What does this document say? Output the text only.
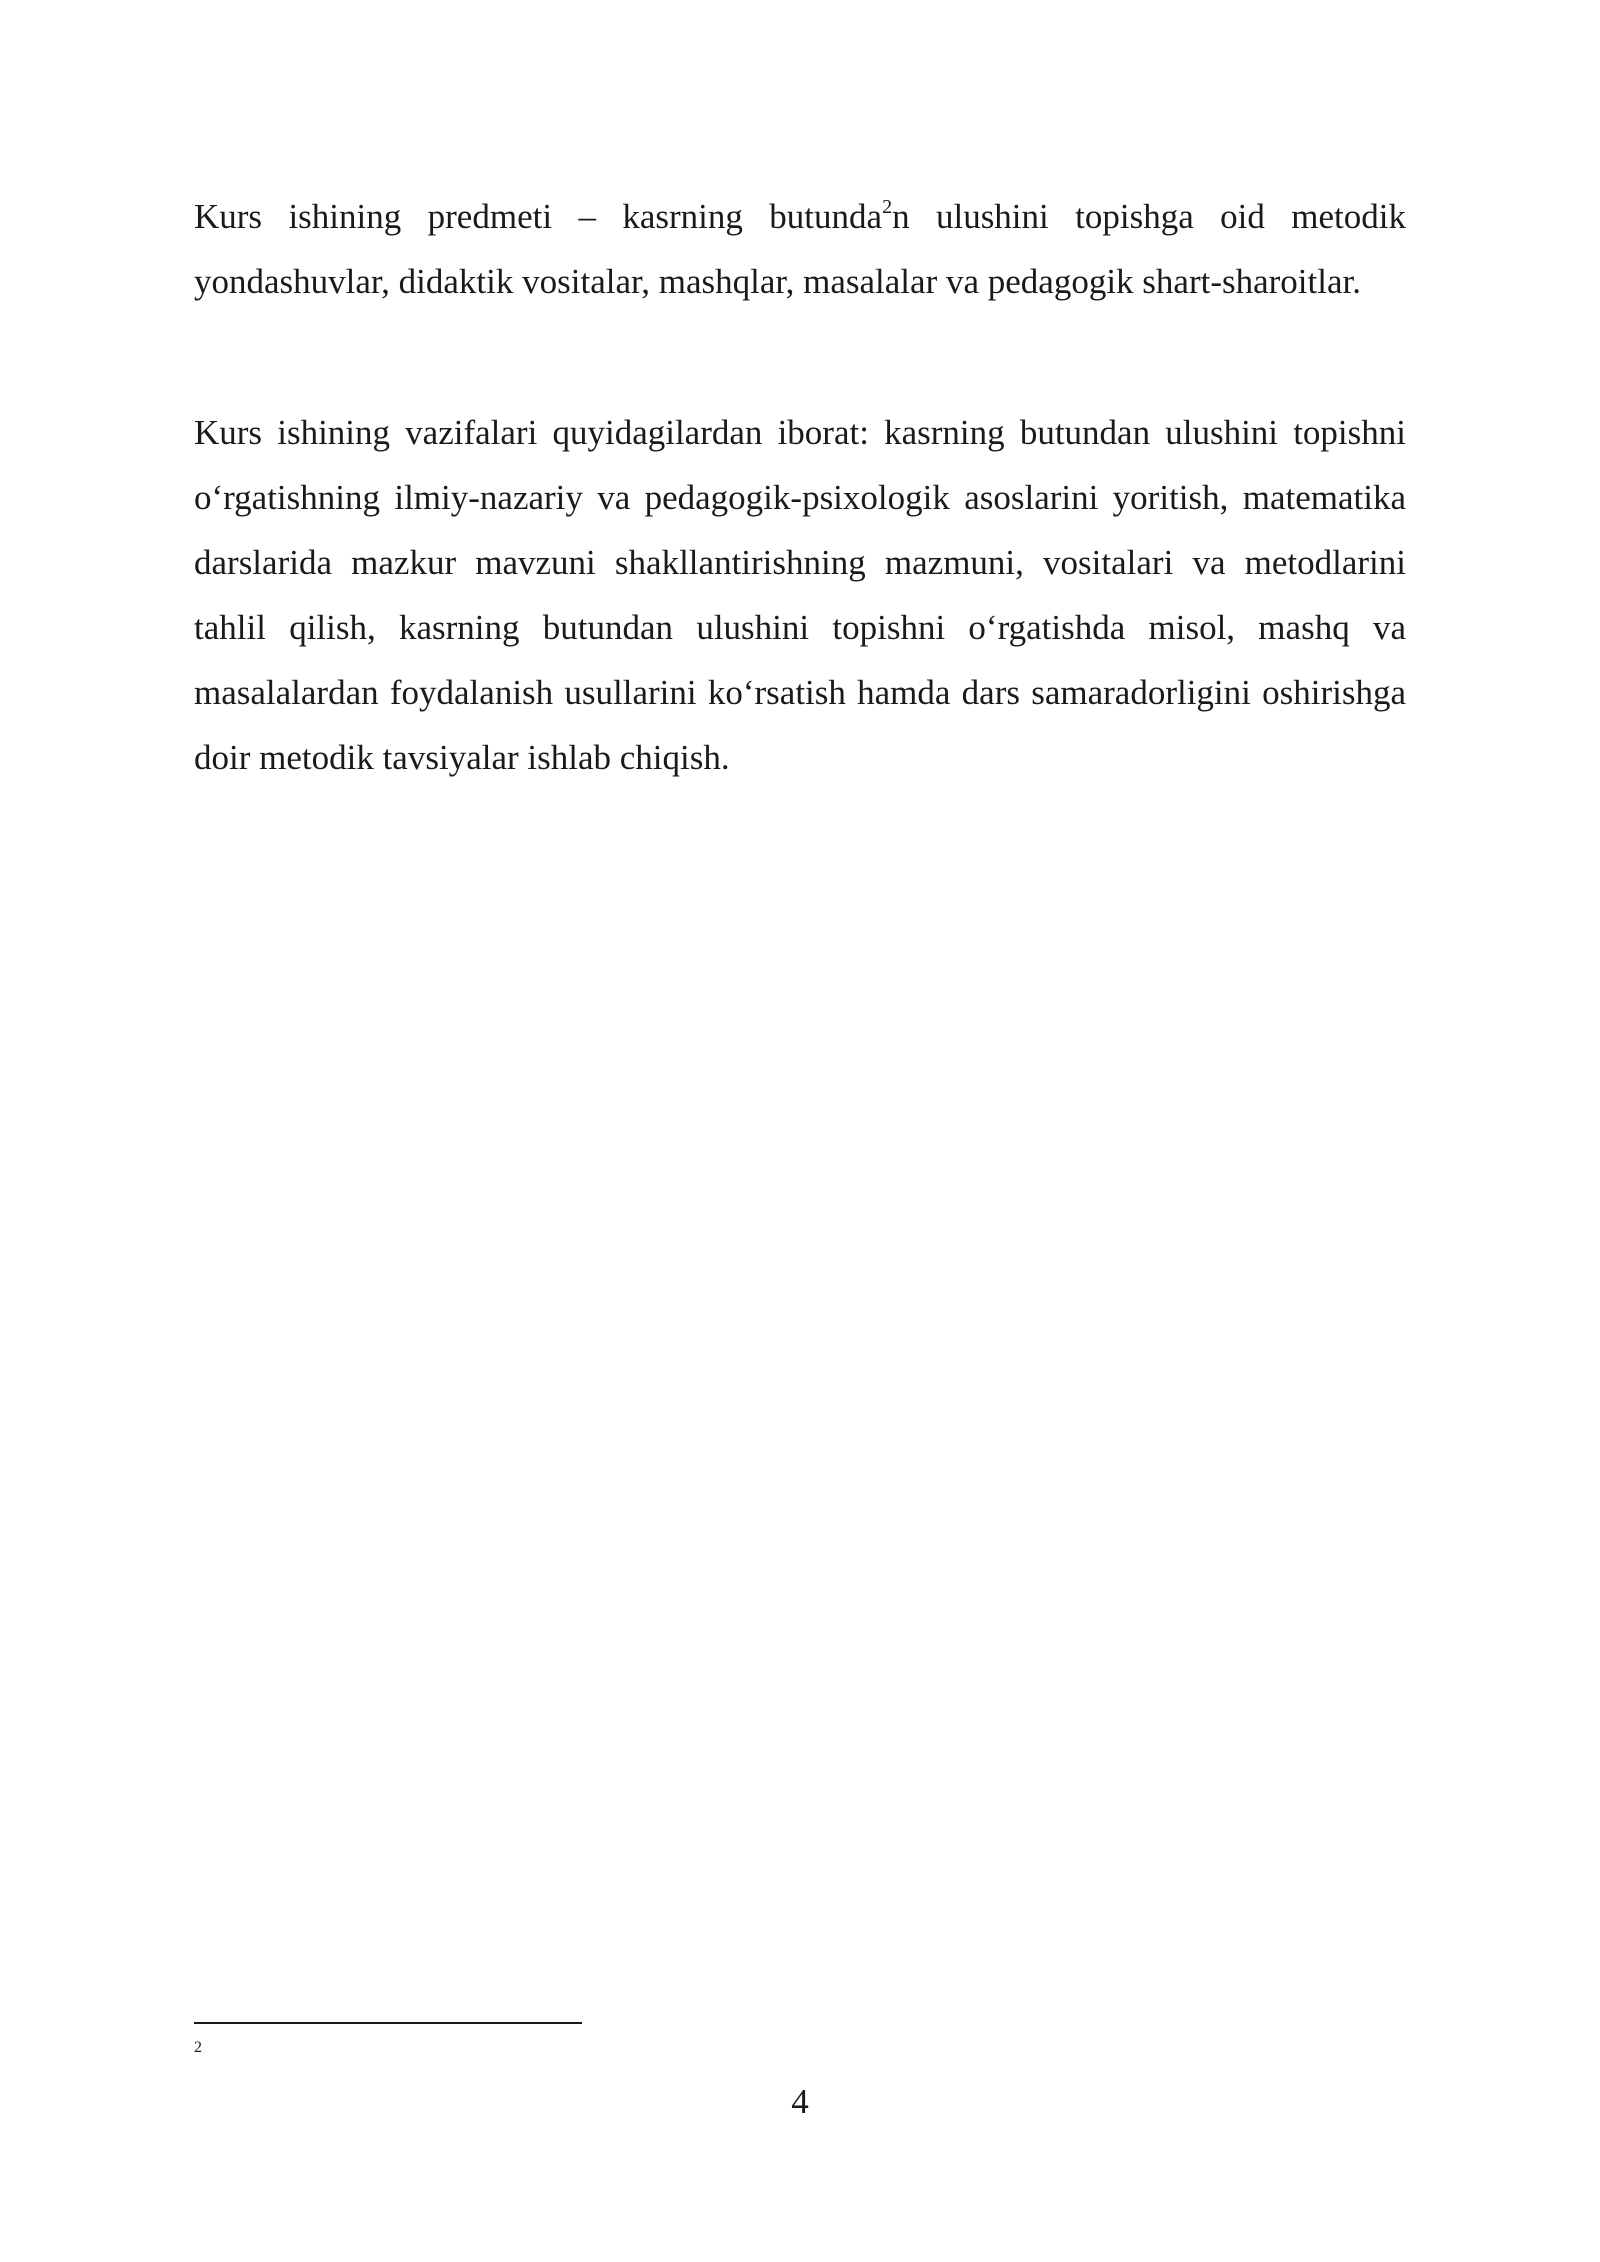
Kurs ishining predmeti – kasrning butunda$^2$n ulushini topishga oid metodik yondashuvlar, didaktik vositalar, mashqlar, masalalar va pedagogik shart-sharoitlar.

Kurs ishining vazifalari quyidagilardan iborat: kasrning butundan ulushini topishni o‘rgatishning ilmiy-nazariy va pedagogik-psixologik asoslarini yoritish, matematika darslarida mazkur mavzuni shakllantirishning mazmuni, vositalari va metodlarini tahlil qilish, kasrning butundan ulushini topishni o‘rgatishda misol, mashq va masalalardan foydalanish usullarini ko‘rsatish hamda dars samaradorligini oshirishga doir metodik tavsiyalar ishlab chiqish.

2
4
